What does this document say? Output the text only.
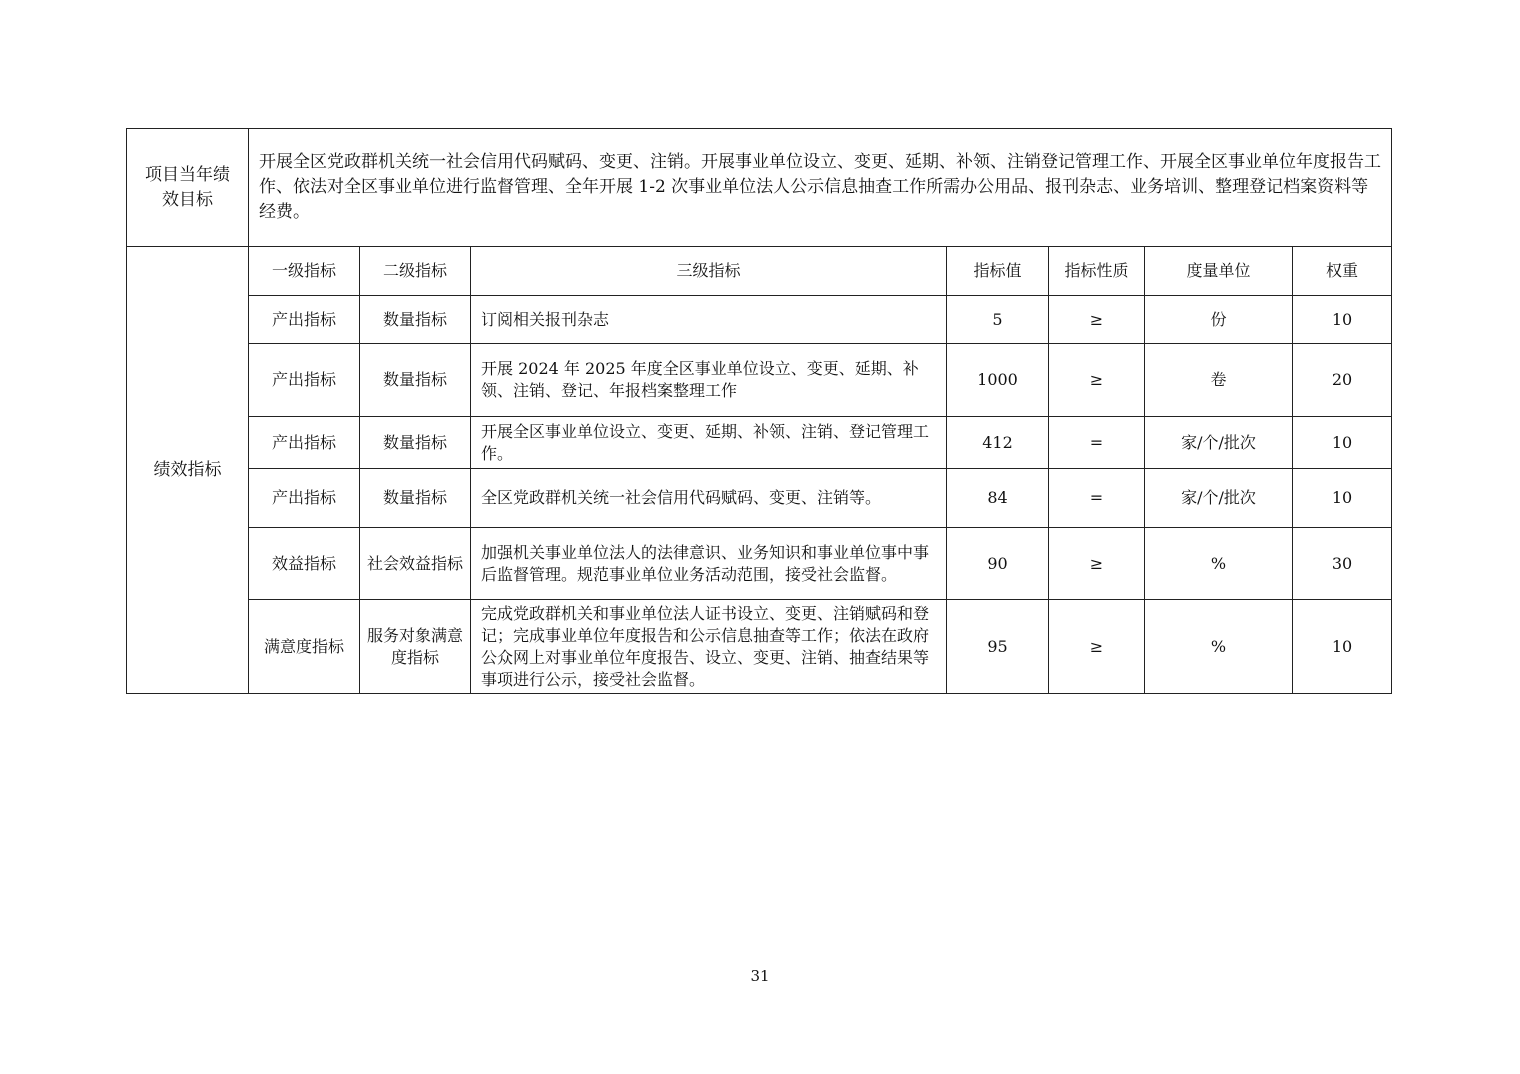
项目当年绩效目标	开展全区党政群机关统一社会信用代码赋码、变更、注销。开展事业单位设立、变更、延期、补领、注销登记管理工作、开展全区事业单位年度报告工作、依法对全区事业单位进行监督管理、全年开展 1-2 次事业单位法人公示信息抽查工作所需办公用品、报刊杂志、业务培训、整理登记档案资料等经费。						
绩效指标	一级指标	二级指标	三级指标	指标值	指标性质	度量单位	权重
	产出指标	数量指标	订阅相关报刊杂志	5	≥	份	10
	产出指标	数量指标	开展 2024 年 2025 年度全区事业单位设立、变更、延期、补领、注销、登记、年报档案整理工作	1000	≥	卷	20
	产出指标	数量指标	开展全区事业单位设立、变更、延期、补领、注销、登记管理工作。	412	=	家/个/批次	10
	产出指标	数量指标	全区党政群机关统一社会信用代码赋码、变更、注销等。	84	=	家/个/批次	10
	效益指标	社会效益指标	加强机关事业单位法人的法律意识、业务知识和事业单位事中事后监督管理。规范事业单位业务活动范围，接受社会监督。	90	≥	%	30
	满意度指标	服务对象满意度指标	完成党政群机关和事业单位法人证书设立、变更、注销赋码和登记；完成事业单位年度报告和公示信息抽查等工作；依法在政府公众网上对事业单位年度报告、设立、变更、注销、抽查结果等事项进行公示，接受社会监督。	95	≥	%	10
31
